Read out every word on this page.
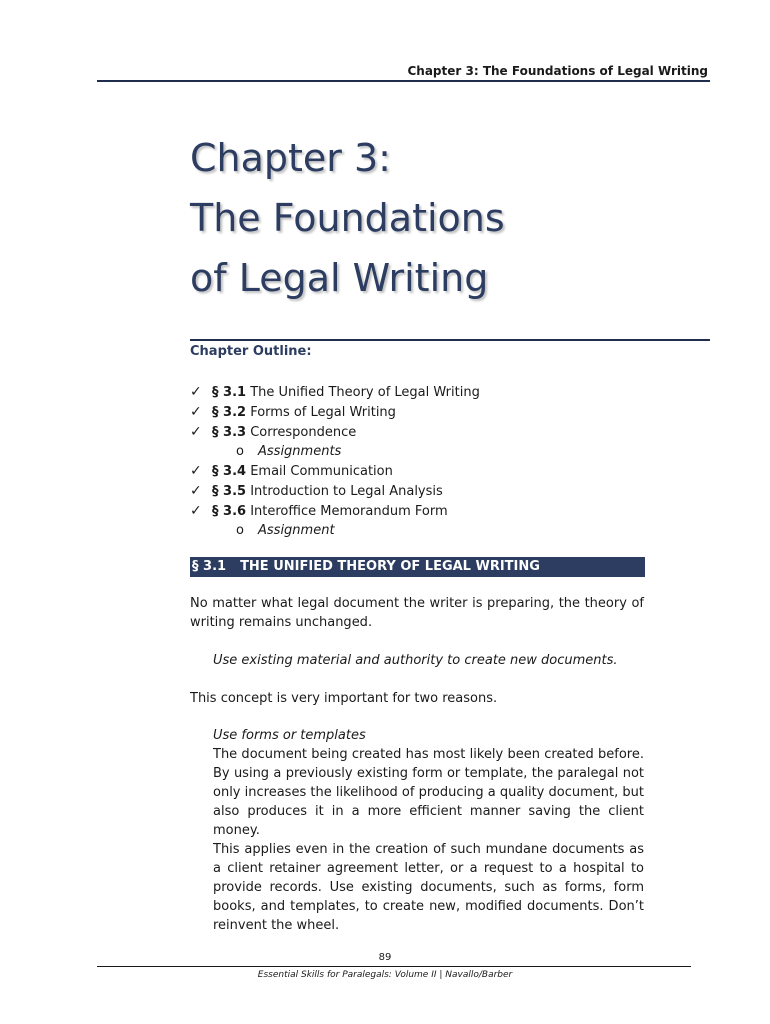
Chapter 3: The Foundations of Legal Writing
Chapter 3:
The Foundations
of Legal Writing
Chapter Outline:
✓ § 3.1 The Unified Theory of Legal Writing
✓ § 3.2 Forms of Legal Writing
✓ § 3.3 Correspondence
o Assignments
✓ § 3.4 Email Communication
✓ § 3.5 Introduction to Legal Analysis
✓ § 3.6 Interoffice Memorandum Form
o Assignment
§ 3.1 THE UNIFIED THEORY OF LEGAL WRITING

No matter what legal document the writer is preparing, the theory of writing remains unchanged.

Use existing material and authority to create new documents.

This concept is very important for two reasons.

Use forms or templates

The document being created has most likely been created before. By using a previously existing form or template, the paralegal not only increases the likelihood of producing a quality document, but also produces it in a more efficient manner saving the client money.

This applies even in the creation of such mundane documents as a client retainer agreement letter, or a request to a hospital to provide records. Use existing documents, such as forms, form books, and templates, to create new, modified documents. Don’t reinvent the wheel.

89
Essential Skills for Paralegals: Volume II | Navallo/Barber
